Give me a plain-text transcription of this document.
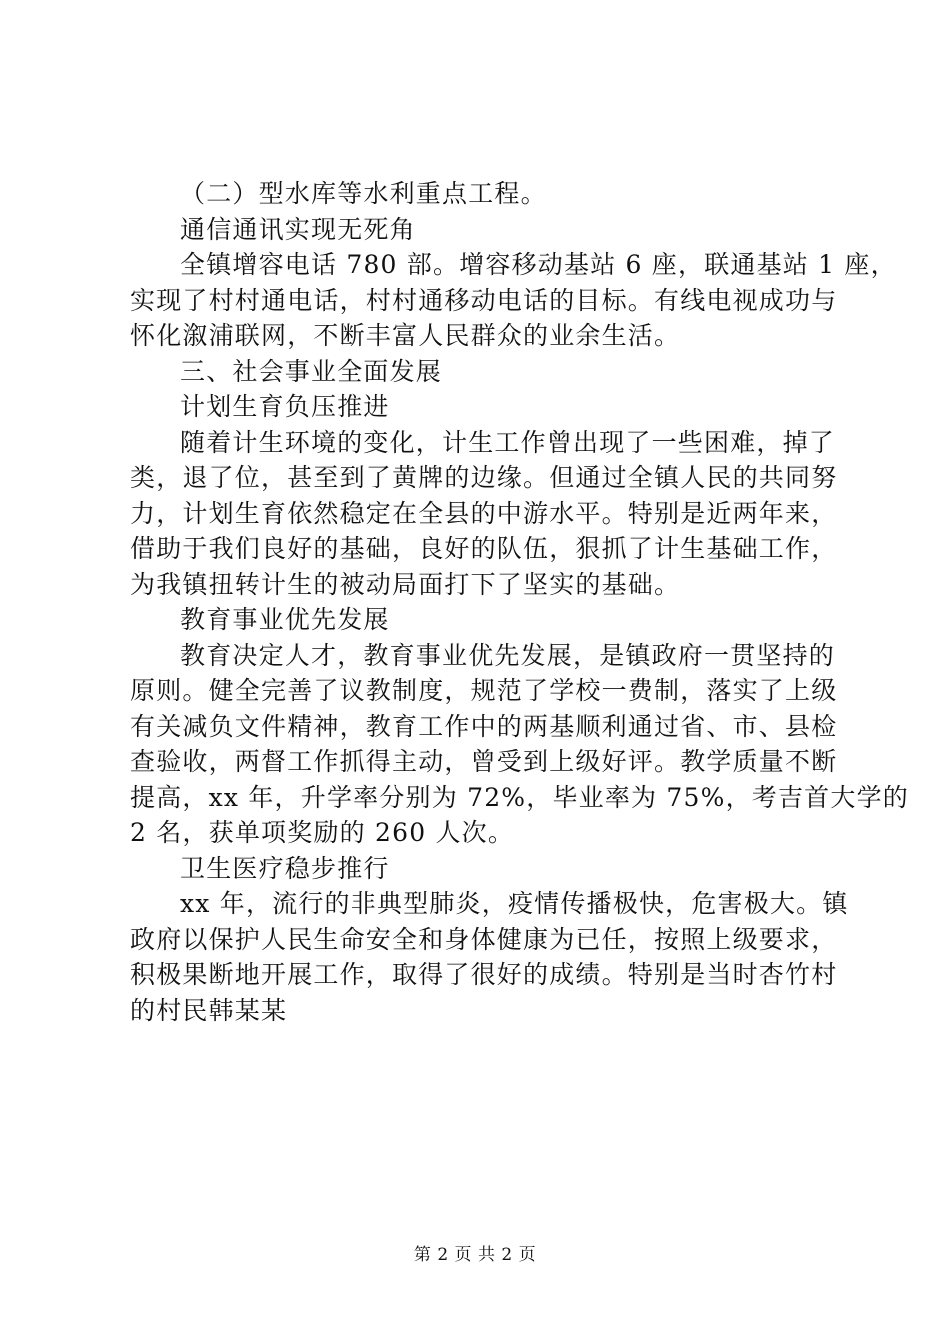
（二）型水库等水利重点工程。
通信通讯实现无死角
全镇增容电话 780 部。增容移动基站 6 座，联通基站 1 座，
实现了村村通电话，村村通移动电话的目标。有线电视成功与
怀化溆浦联网，不断丰富人民群众的业余生活。
三、社会事业全面发展
计划生育负压推进
随着计生环境的变化，计生工作曾出现了一些困难，掉了
类，退了位，甚至到了黄牌的边缘。但通过全镇人民的共同努
力，计划生育依然稳定在全县的中游水平。特别是近两年来，
借助于我们良好的基础，良好的队伍，狠抓了计生基础工作，
为我镇扭转计生的被动局面打下了坚实的基础。
教育事业优先发展
教育决定人才，教育事业优先发展，是镇政府一贯坚持的
原则。健全完善了议教制度，规范了学校一费制，落实了上级
有关减负文件精神，教育工作中的两基顺利通过省、市、县检
查验收，两督工作抓得主动，曾受到上级好评。教学质量不断
提高，xx 年，升学率分别为 72%，毕业率为 75%，考吉首大学的
2 名，获单项奖励的 260 人次。
卫生医疗稳步推行
xx 年，流行的非典型肺炎，疫情传播极快，危害极大。镇
政府以保护人民生命安全和身体健康为已任，按照上级要求，
积极果断地开展工作，取得了很好的成绩。特别是当时杏竹村
的村民韩某某
第 2 页 共 2 页
